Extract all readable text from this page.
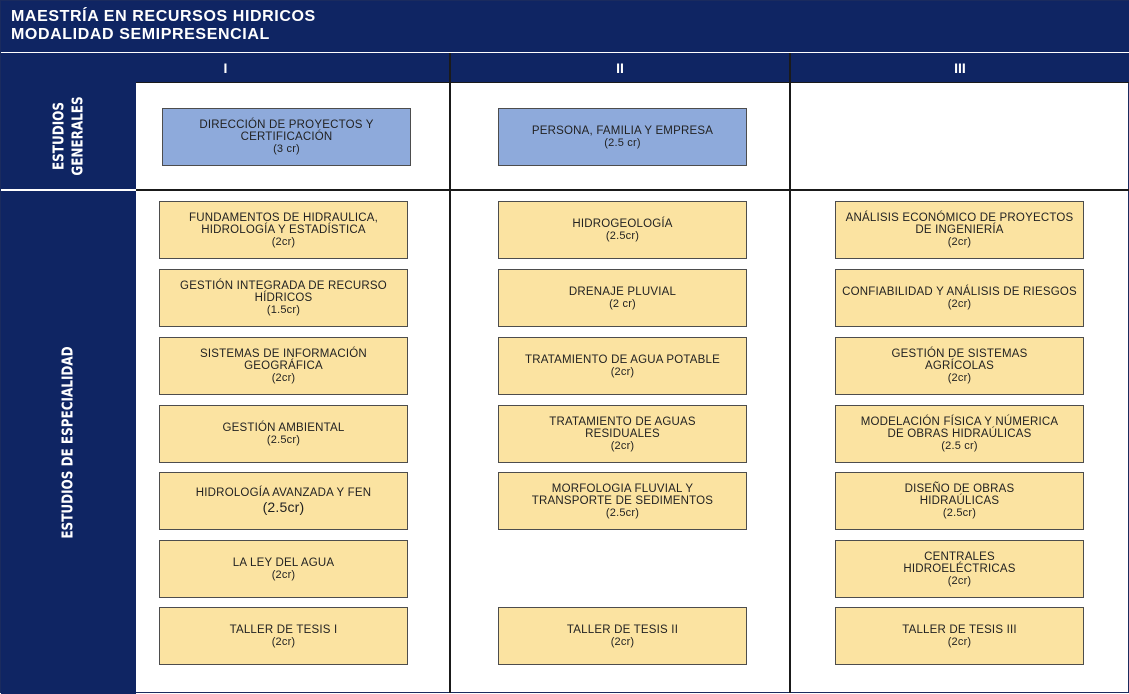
MAESTRÍA EN RECURSOS HIDRICOS
MODALIDAD SEMIPRESENCIAL
I	II	III
ESTUDIOS GENERALES
ESTUDIOS DE ESPECIALIDAD
DIRECCIÓN DE PROYECTOS Y CERTIFICACIÓN
(3 cr)
PERSONA, FAMILIA Y EMPRESA
(2.5 cr)
FUNDAMENTOS DE HIDRAULICA, HIDROLOGÍA Y ESTADÍSTICA
(2cr)
GESTIÓN INTEGRADA DE RECURSO HÍDRICOS
(1.5cr)
SISTEMAS DE INFORMACIÓN GEOGRÁFICA
(2cr)
GESTIÓN AMBIENTAL
(2.5cr)
HIDROLOGÍA AVANZADA Y FEN
(2.5cr)
LA LEY DEL AGUA
(2cr)
TALLER DE TESIS I
(2cr)
HIDROGEOLOGÍA
(2.5cr)
DRENAJE PLUVIAL
(2 cr)
TRATAMIENTO DE AGUA POTABLE
(2cr)
TRATAMIENTO DE AGUAS RESIDUALES
(2cr)
MORFOLOGIA FLUVIAL Y TRANSPORTE DE SEDIMENTOS
(2.5cr)
TALLER DE TESIS II
(2cr)
ANÁLISIS ECONÓMICO DE PROYECTOS DE INGENIERÍA
(2cr)
CONFIABILIDAD Y ANÁLISIS DE RIESGOS
(2cr)
GESTIÓN DE SISTEMAS AGRÍCOLAS
(2cr)
MODELACIÓN FÍSICA Y NÚMERICA DE OBRAS HIDRAÚLICAS
(2.5 cr)
DISEÑO DE OBRAS HIDRAÚLICAS
(2.5cr)
CENTRALES HIDROELÉCTRICAS
(2cr)
TALLER DE TESIS III
(2cr)
